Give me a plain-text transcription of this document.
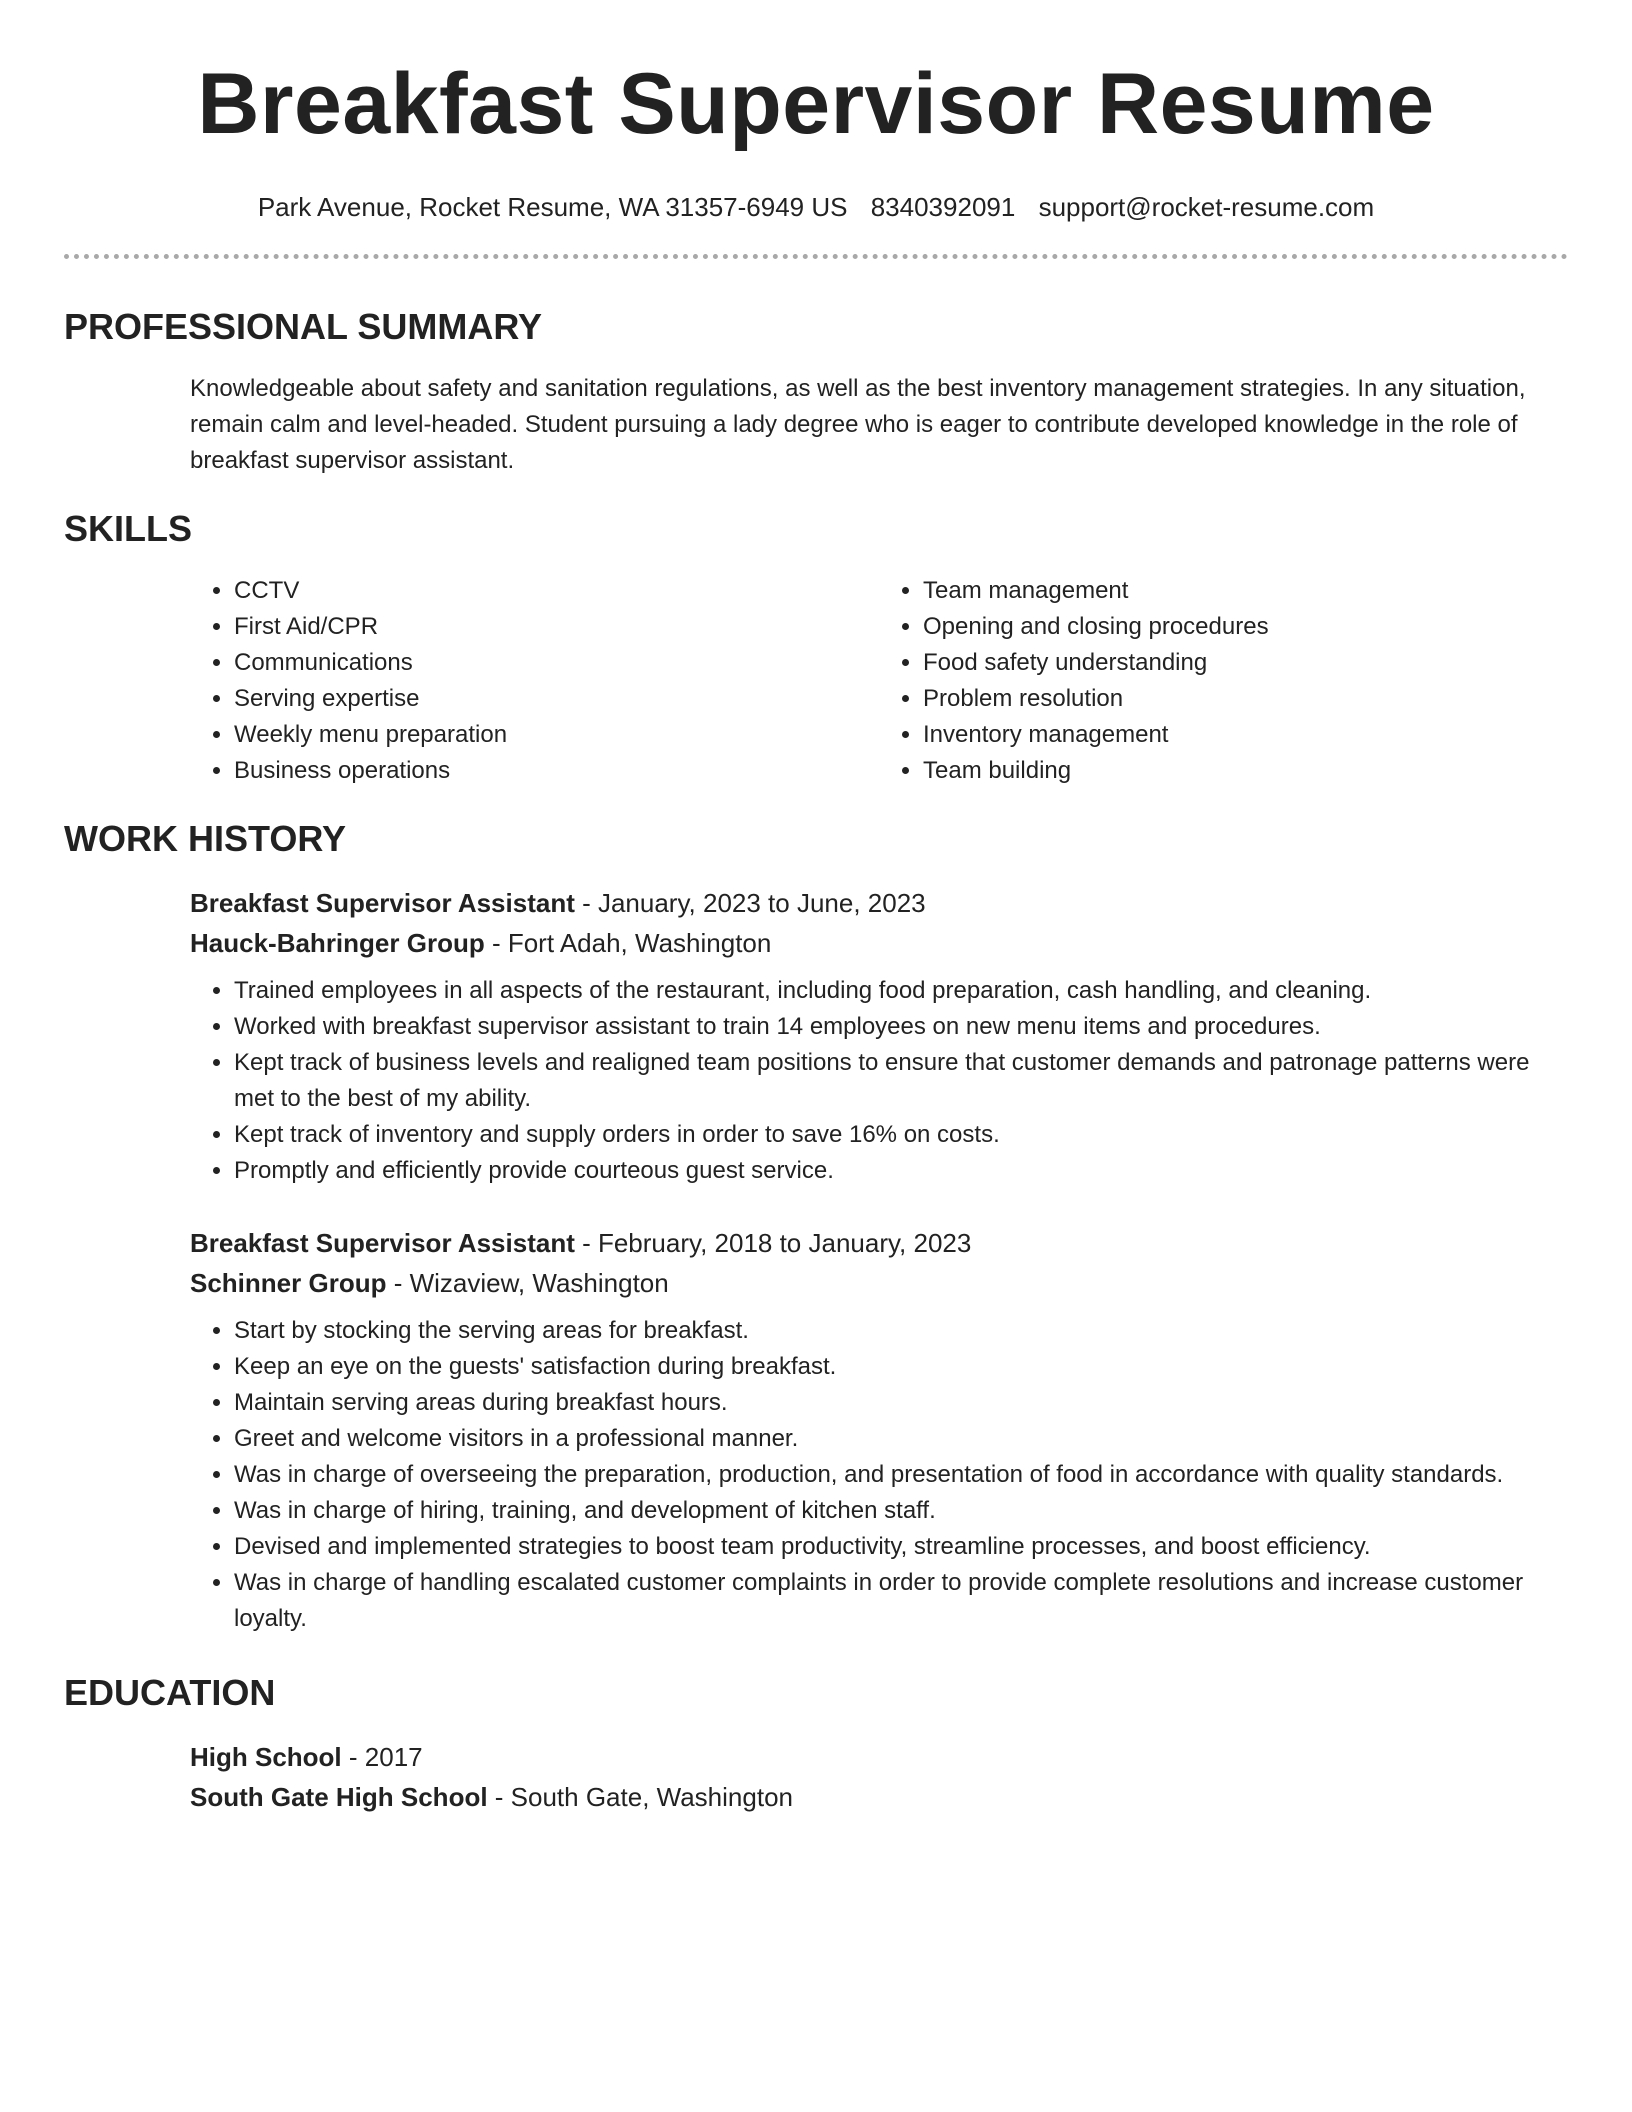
Breakfast Supervisor Resume
Park Avenue, Rocket Resume, WA 31357-6949 US 8340392091 support@rocket-resume.com
PROFESSIONAL SUMMARY

Knowledgeable about safety and sanitation regulations, as well as the best inventory management strategies. In any situation, remain calm and level-headed. Student pursuing a lady degree who is eager to contribute developed knowledge in the role of breakfast supervisor assistant.

SKILLS
• CCTV
• First Aid/CPR
• Communications
• Serving expertise
• Weekly menu preparation
• Business operations
• Team management
• Opening and closing procedures
• Food safety understanding
• Problem resolution
• Inventory management
• Team building
WORK HISTORY
Breakfast Supervisor Assistant - January, 2023 to June, 2023
Hauck-Bahringer Group - Fort Adah, Washington
• Trained employees in all aspects of the restaurant, including food preparation, cash handling, and cleaning.
• Worked with breakfast supervisor assistant to train 14 employees on new menu items and procedures.
• Kept track of business levels and realigned team positions to ensure that customer demands and patronage patterns were met to the best of my ability.
• Kept track of inventory and supply orders in order to save 16% on costs.
• Promptly and efficiently provide courteous guest service.
Breakfast Supervisor Assistant - February, 2018 to January, 2023
Schinner Group - Wizaview, Washington
• Start by stocking the serving areas for breakfast.
• Keep an eye on the guests' satisfaction during breakfast.
• Maintain serving areas during breakfast hours.
• Greet and welcome visitors in a professional manner.
• Was in charge of overseeing the preparation, production, and presentation of food in accordance with quality standards.
• Was in charge of hiring, training, and development of kitchen staff.
• Devised and implemented strategies to boost team productivity, streamline processes, and boost efficiency.
• Was in charge of handling escalated customer complaints in order to provide complete resolutions and increase customer loyalty.
EDUCATION
High School - 2017
South Gate High School - South Gate, Washington
